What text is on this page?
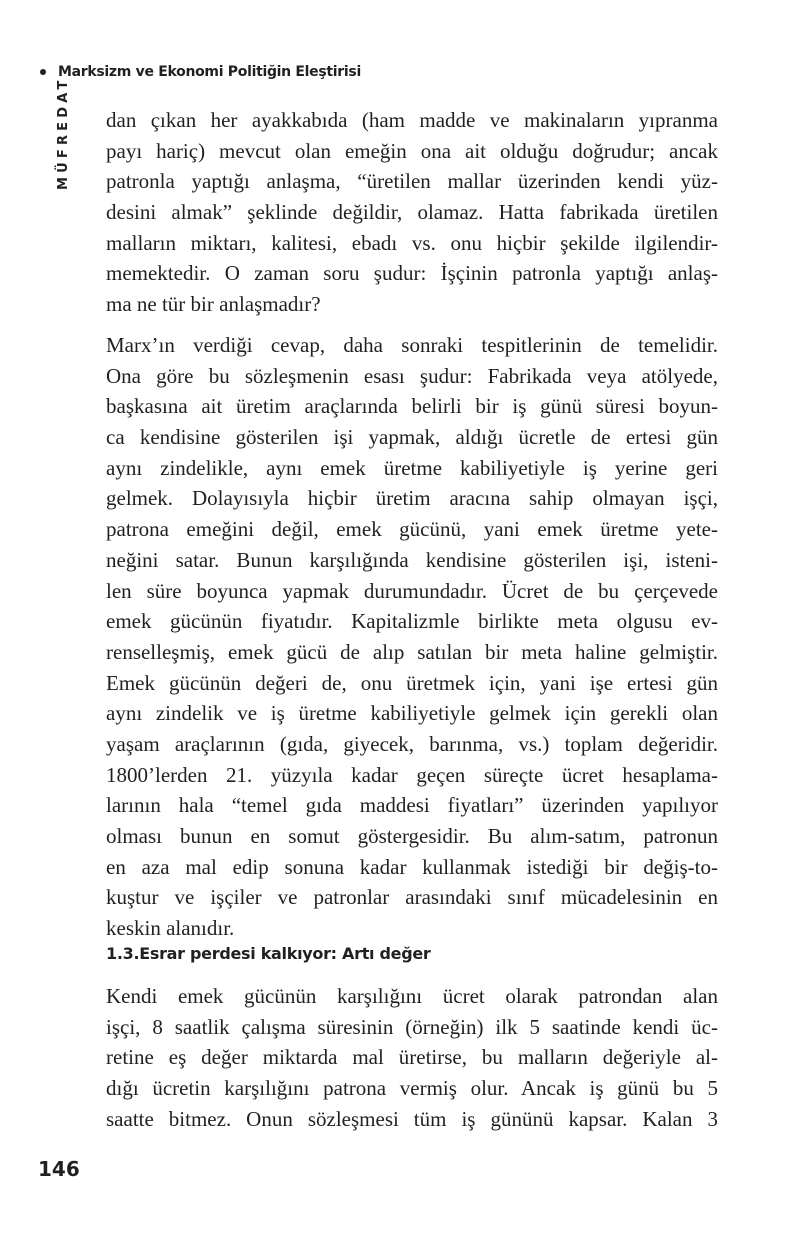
Marksizm ve Ekonomi Politiğin Eleştirisi
MÜFREDAT dan çıkan her ayakkabıda (ham madde ve makinaların yıpranma
payı hariç) mevcut olan emeğin ona ait olduğu doğrudur; ancak
patronla yaptığı anlaşma, “üretilen mallar üzerinden kendi yüz-
desini almak” şeklinde değildir, olamaz. Hatta fabrikada üretilen
malların miktarı, kalitesi, ebadı vs. onu hiçbir şekilde ilgilendir-
memektedir. O zaman soru şudur: İşçinin patronla yaptığı anlaş-
ma ne tür bir anlaşmadır?
Marx’ın verdiği cevap, daha sonraki tespitlerinin de temelidir.
Ona göre bu sözleşmenin esası şudur: Fabrikada veya atölyede,
başkasına ait üretim araçlarında belirli bir iş günü süresi boyun-
ca kendisine gösterilen işi yapmak, aldığı ücretle de ertesi gün
aynı zindelikle, aynı emek üretme kabiliyetiyle iş yerine geri
gelmek. Dolayısıyla hiçbir üretim aracına sahip olmayan işçi,
patrona emeğini değil, emek gücünü, yani emek üretme yete-
neğini satar. Bunun karşılığında kendisine gösterilen işi, isteni-
len süre boyunca yapmak durumundadır. Ücret de bu çerçevede
emek gücünün fiyatıdır. Kapitalizmle birlikte meta olgusu ev-
renselleşmiş, emek gücü de alıp satılan bir meta haline gelmiştir.
Emek gücünün değeri de, onu üretmek için, yani işe ertesi gün
aynı zindelik ve iş üretme kabiliyetiyle gelmek için gerekli olan
yaşam araçlarının (gıda, giyecek, barınma, vs.) toplam değeridir.
1800’lerden 21. yüzyıla kadar geçen süreçte ücret hesaplama-
larının hala “temel gıda maddesi fiyatları” üzerinden yapılıyor
olması bunun en somut göstergesidir. Bu alım-satım, patronun
en aza mal edip sonuna kadar kullanmak istediği bir değiş-to-
kuştur ve işçiler ve patronlar arasındaki sınıf mücadelesinin en
keskin alanıdır.
1.3.Esrar perdesi kalkıyor: Artı değer
Kendi emek gücünün karşılığını ücret olarak patrondan alan
işçi, 8 saatlik çalışma süresinin (örneğin) ilk 5 saatinde kendi üc-
retine eş değer miktarda mal üretirse, bu malların değeriyle al-
dığı ücretin karşılığını patrona vermiş olur. Ancak iş günü bu 5
saatte bitmez. Onun sözleşmesi tüm iş gününü kapsar. Kalan 3
146
